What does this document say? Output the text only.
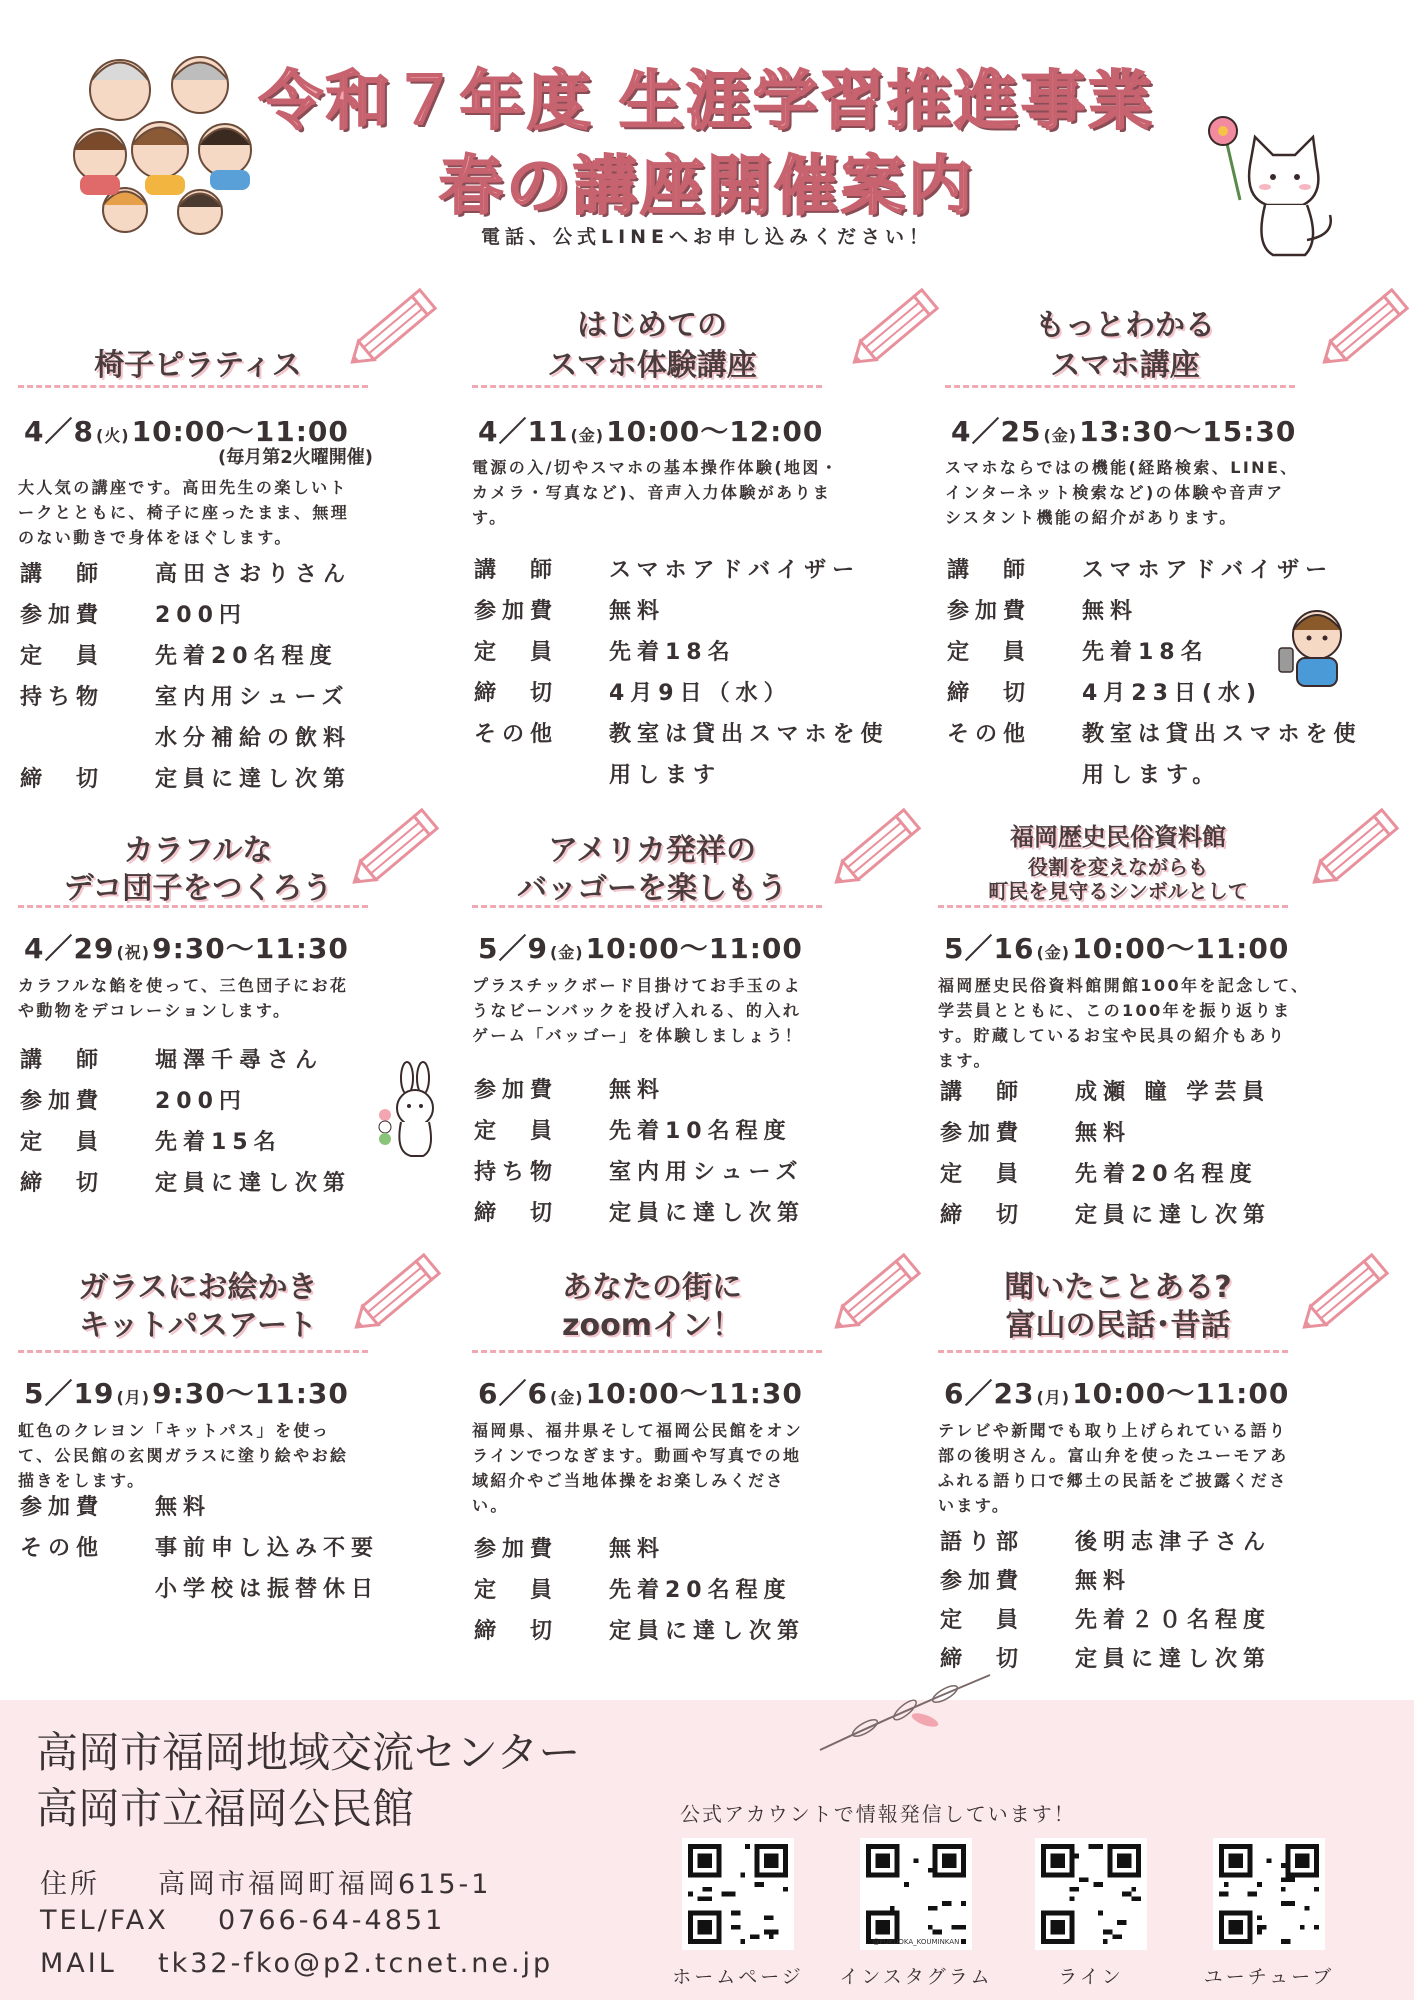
令和７年度 生涯学習推進事業
春の講座開催案内
電話、公式LINEへお申し込みください！
椅子ピラティス
4／8 (火)10:00～11:00
(毎月第2火曜開催)
大人気の講座です。高田先生の楽しいト
ークとともに、椅子に座ったまま、無理
のない動きで身体をほぐします。
講　師 高田さおりさん
参加費 200円
定　員 先着20名程度
持ち物 室内用シューズ
水分補給の飲料
締　切 定員に達し次第
はじめての
スマホ体験講座
4／11 (金)10:00～12:00
電源の入/切やスマホの基本操作体験(地図・
カメラ・写真など)、音声入力体験がありま
す。
講　師 スマホアドバイザー
参加費 無料
定　員 先着18名
締　切 4月9日（水）
その他 教室は貸出スマホを使
用します
もっとわかる
スマホ講座
4／25 (金)13:30～15:30
スマホならではの機能(経路検索、LINE、
インターネット検索など)の体験や音声ア
シスタント機能の紹介があります。
講　師 スマホアドバイザー
参加費 無料
定　員 先着18名
締　切 4月23日(水)
その他 教室は貸出スマホを使
用します。
カラフルな
デコ団子をつくろう
4／29 (祝)9:30～11:30
カラフルな餡を使って、三色団子にお花
や動物をデコレーションします。
講　師 堀澤千尋さん
参加費 200円
定　員 先着15名
締　切 定員に達し次第
アメリカ発祥の
バッゴーを楽しもう
5／9 (金)10:00～11:00
プラスチックボード目掛けてお手玉のよ
うなビーンバックを投げ入れる、的入れ
ゲーム「バッゴー」を体験しましょう！
参加費 無料
定　員 先着10名程度
持ち物 室内用シューズ
締　切 定員に達し次第
福岡歴史民俗資料館
役割を変えながらも
町民を見守るシンボルとして
5／16 (金)10:00～11:00
福岡歴史民俗資料館開館100年を記念して、
学芸員とともに、この100年を振り返りま
す。貯蔵しているお宝や民具の紹介もあり
ます。
講　師 成瀬 瞳 学芸員
参加費 無料
定　員 先着20名程度
締　切 定員に達し次第
ガラスにお絵かき
キットパスアート
5／19 (月)9:30～11:30
虹色のクレヨン「キットパス」を使っ
て、公民館の玄関ガラスに塗り絵やお絵
描きをします。
参加費 無料
その他 事前申し込み不要
小学校は振替休日
あなたの街に
zoomイン！
6／6 (金)10:00～11:30
福岡県、福井県そして福岡公民館をオン
ラインでつなぎます。動画や写真での地
域紹介やご当地体操をお楽しみくださ
い。
参加費 無料
定　員 先着20名程度
締　切 定員に達し次第
聞いたことある?
富山の民話･昔話
6／23 (月)10:00～11:00
テレビや新聞でも取り上げられている語り
部の後明さん。富山弁を使ったユーモアあ
ふれる語り口で郷土の民話をご披露くださ
います。
語り部 後明志津子さん
参加費 無料
定　員 先着２０名程度
締　切 定員に達し次第
高岡市福岡地域交流センター
高岡市立福岡公民館
住所 高岡市福岡町福岡615-1
TEL/FAX 0766-64-4851
MAIL tk32-fko@p2.tcnet.ne.jp
公式アカウントで情報発信しています！
ホームページ
@FUKUOKA_KOUMINKAN
インスタグラム	ライン	ユーチューブ
